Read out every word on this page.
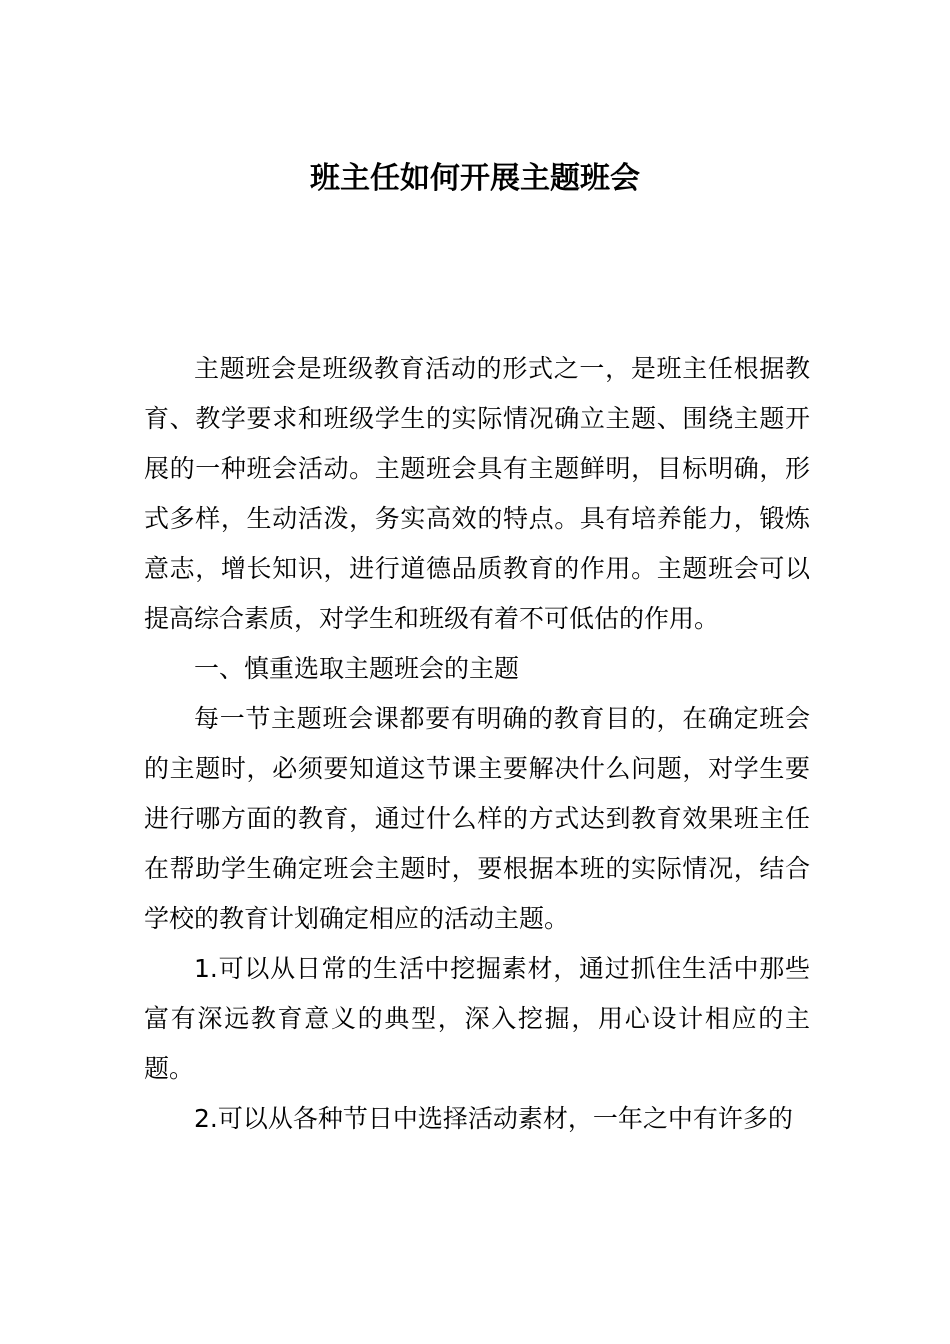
班主任如何开展主题班会

主题班会是班级教育活动的形式之一，是班主任根据教育、教学要求和班级学生的实际情况确立主题、围绕主题开展的一种班会活动。主题班会具有主题鲜明，目标明确，形式多样，生动活泼，务实高效的特点。具有培养能力，锻炼意志，增长知识，进行道德品质教育的作用。主题班会可以提高综合素质，对学生和班级有着不可低估的作用。

一、慎重选取主题班会的主题

每一节主题班会课都要有明确的教育目的，在确定班会的主题时，必须要知道这节课主要解决什么问题，对学生要进行哪方面的教育，通过什么样的方式达到教育效果班主任在帮助学生确定班会主题时，要根据本班的实际情况，结合学校的教育计划确定相应的活动主题。

1.可以从日常的生活中挖掘素材，通过抓住生活中那些富有深远教育意义的典型，深入挖掘，用心设计相应的主题。

2.可以从各种节日中选择活动素材，一年之中有许多的
